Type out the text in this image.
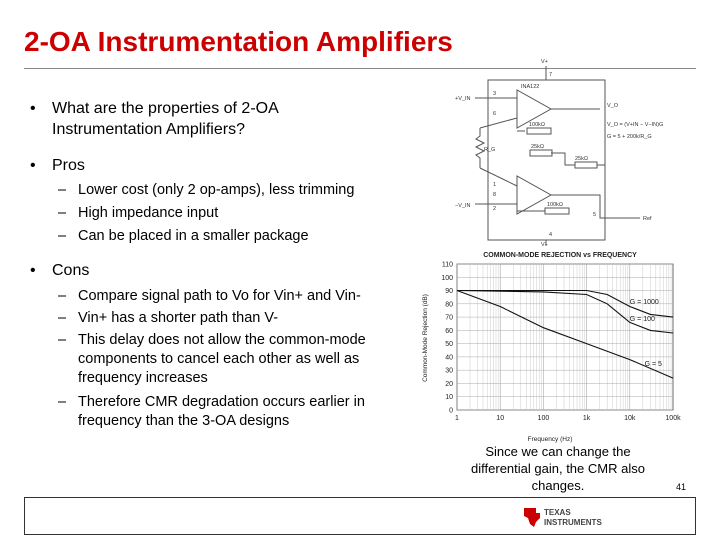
2-OA Instrumentation Amplifiers
• What are the properties of 2-OA
Instrumentation Amplifiers?
• Pros
– Lower cost (only 2 op-amps), less trimming
– High impedance input
– Can be placed in a smaller package
• Cons
– Compare signal path to Vo for Vin+ and Vin-
– Vin+ has a shorter path than V-
– This delay does not allow the common-mode
components to cancel each other as well as
frequency increases
– Therefore CMR degradation occurs earlier in
frequency than the 3-OA designs
V+
7
INA122
+V_IN
3
6
R_G
100kΩ
25kΩ
25kΩ
100kΩ
1
8
−V_IN	2
5
Ref
4
V−
V_O
V_O = (V+IN − V−IN)G
G = 5 + 200k/R_G
COMMON-MODE REJECTION vs FREQUENCY
Common-Mode Rejection (dB)
Frequency (Hz)
0
10
20
30
40
50
60
70
80
90
100
110
1	10	100	1k	10k	100k
G = 1000
G = 100
G = 5
Since we can change the
differential gain, the CMR also
changes.	41
TEXAS
INSTRUMENTS
